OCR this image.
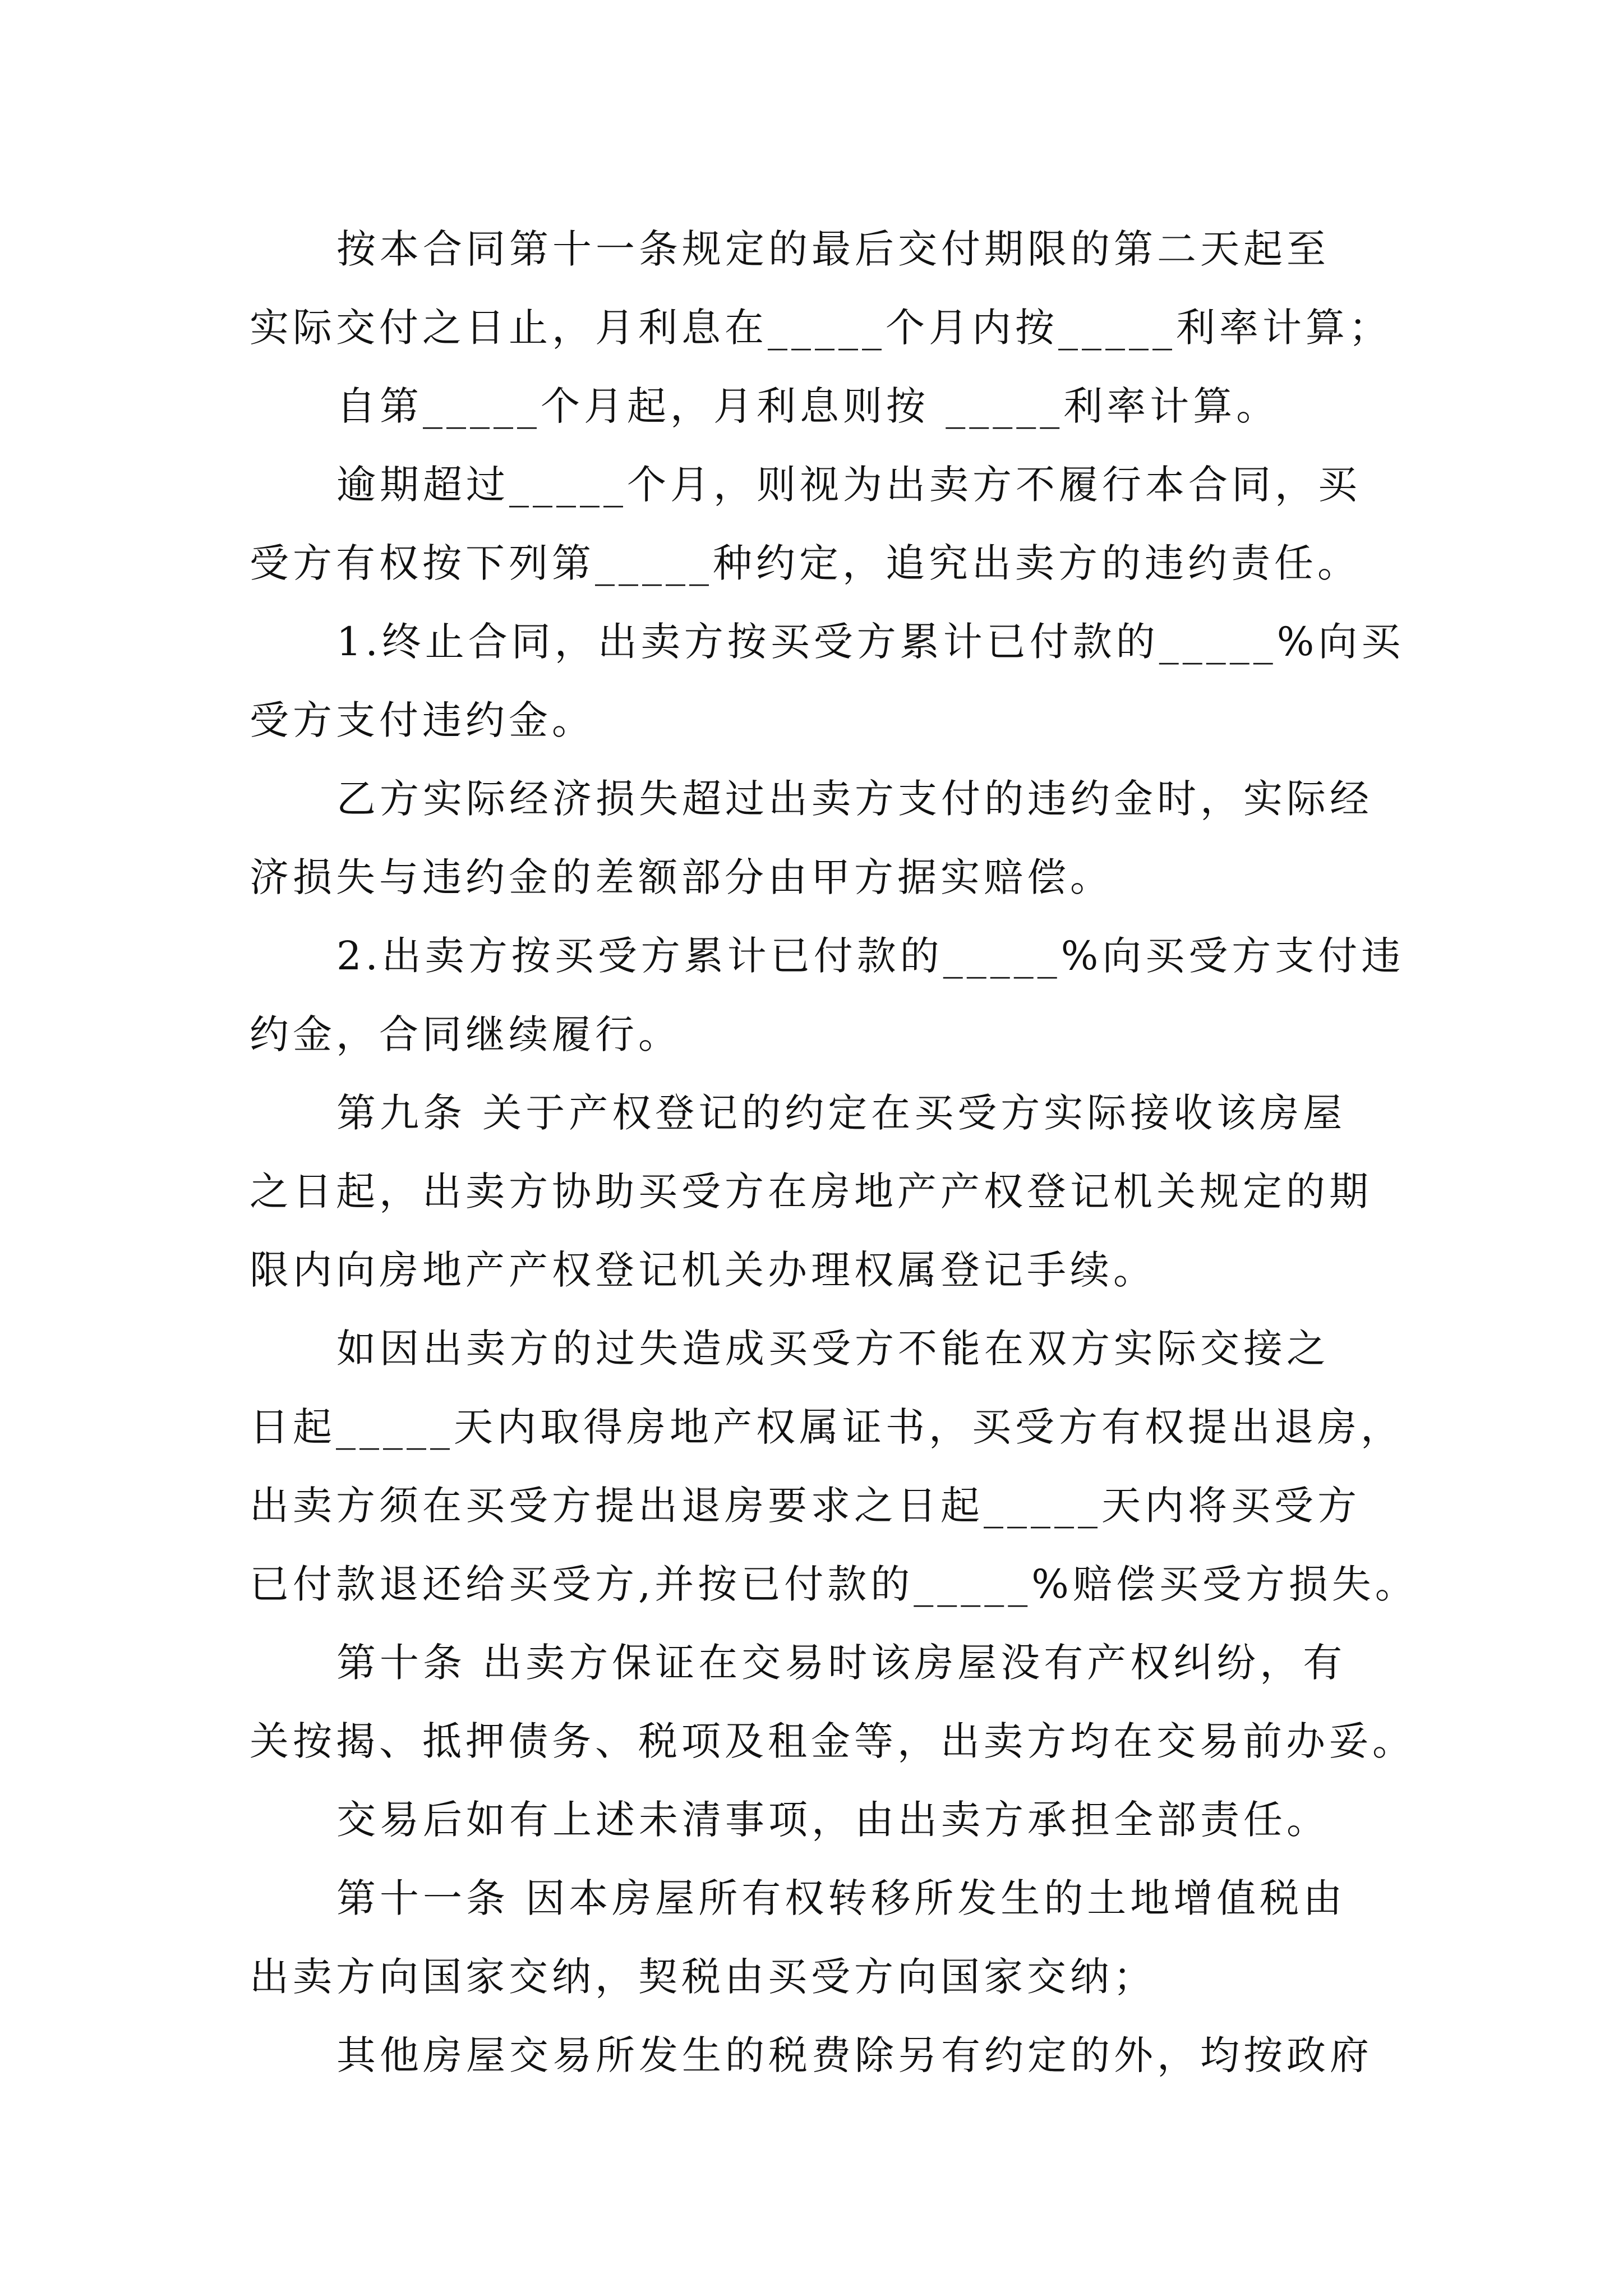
按本合同第十一条规定的最后交付期限的第二天起至
实际交付之日止，月利息在_____个月内按_____利率计算；
自第_____个月起，月利息则按 _____利率计算。
逾期超过_____个月，则视为出卖方不履行本合同，买
受方有权按下列第_____种约定，追究出卖方的违约责任。
1.终止合同，出卖方按买受方累计已付款的_____%向买
受方支付违约金。
乙方实际经济损失超过出卖方支付的违约金时，实际经
济损失与违约金的差额部分由甲方据实赔偿。
2.出卖方按买受方累计已付款的_____%向买受方支付违
约金，合同继续履行。
第九条 关于产权登记的约定在买受方实际接收该房屋
之日起，出卖方协助买受方在房地产产权登记机关规定的期
限内向房地产产权登记机关办理权属登记手续。
如因出卖方的过失造成买受方不能在双方实际交接之
日起_____天内取得房地产权属证书，买受方有权提出退房，
出卖方须在买受方提出退房要求之日起_____天内将买受方
已付款退还给买受方,并按已付款的_____%赔偿买受方损失。
第十条 出卖方保证在交易时该房屋没有产权纠纷，有
关按揭、抵押债务、税项及租金等，出卖方均在交易前办妥。
交易后如有上述未清事项，由出卖方承担全部责任。
第十一条 因本房屋所有权转移所发生的土地增值税由
出卖方向国家交纳，契税由买受方向国家交纳；
其他房屋交易所发生的税费除另有约定的外，均按政府
